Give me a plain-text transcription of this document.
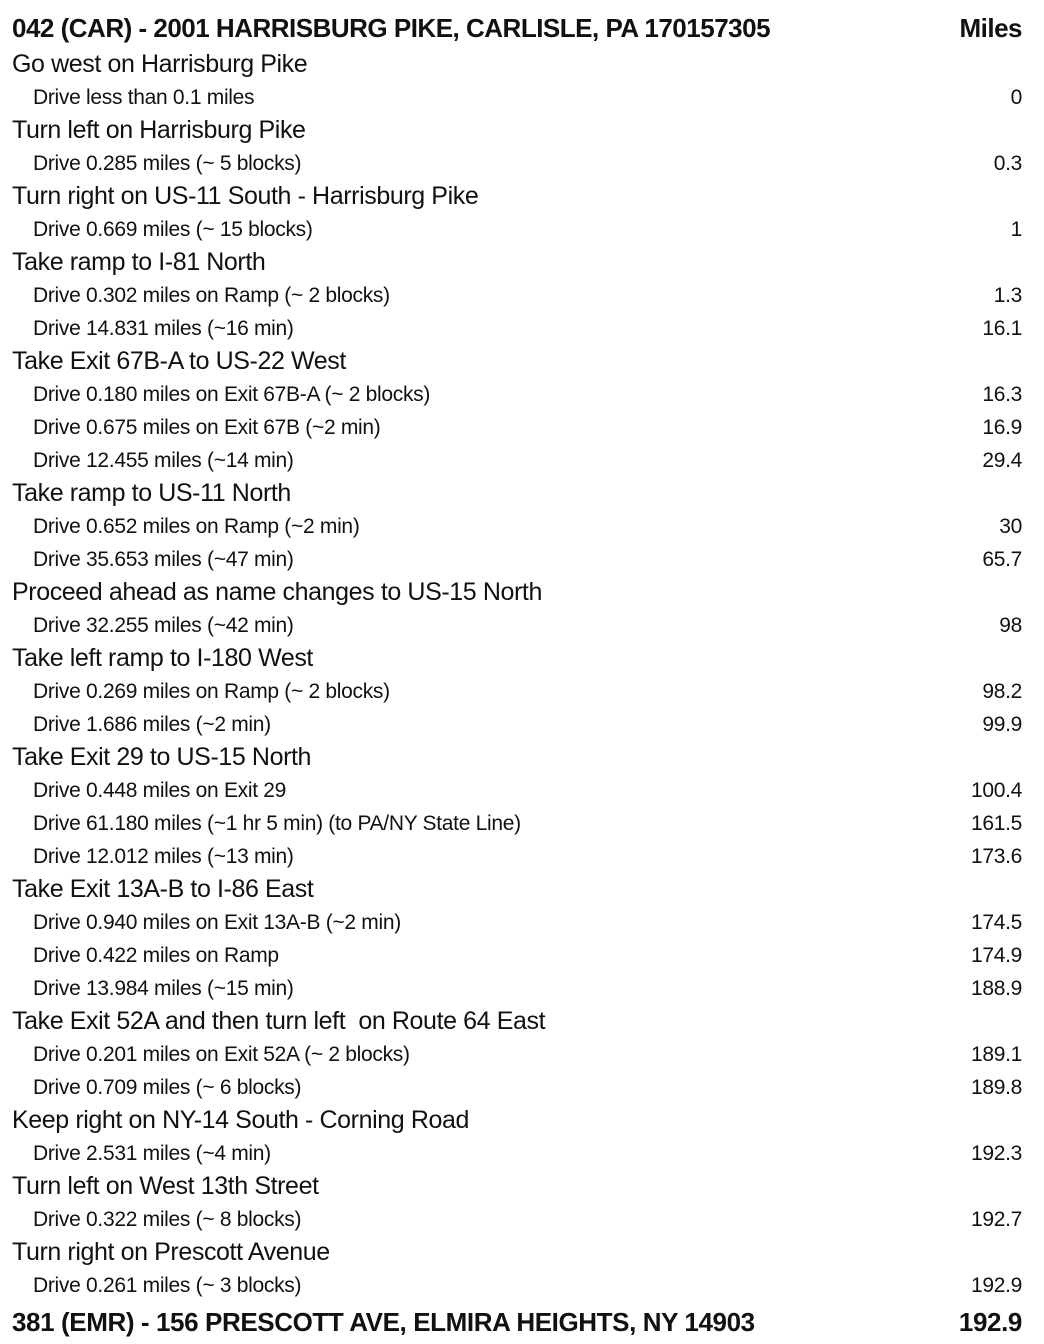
042 (CAR) - 2001 HARRISBURG PIKE, CARLISLE, PA 170157305	Miles
Go west on Harrisburg Pike
Drive less than 0.1 miles	0
Turn left on Harrisburg Pike
Drive 0.285 miles (~ 5 blocks)	0.3
Turn right on US-11 South - Harrisburg Pike
Drive 0.669 miles (~ 15 blocks)	1
Take ramp to I-81 North
Drive 0.302 miles on Ramp (~ 2 blocks)	1.3
Drive 14.831 miles (~16 min)	16.1
Take Exit 67B-A to US-22 West
Drive 0.180 miles on Exit 67B-A (~ 2 blocks)	16.3
Drive 0.675 miles on Exit 67B (~2 min)	16.9
Drive 12.455 miles (~14 min)	29.4
Take ramp to US-11 North
Drive 0.652 miles on Ramp (~2 min)	30
Drive 35.653 miles (~47 min)	65.7
Proceed ahead as name changes to US-15 North
Drive 32.255 miles (~42 min)	98
Take left ramp to I-180 West
Drive 0.269 miles on Ramp (~ 2 blocks)	98.2
Drive 1.686 miles (~2 min)	99.9
Take Exit 29 to US-15 North
Drive 0.448 miles on Exit 29	100.4
Drive 61.180 miles (~1 hr 5 min) (to PA/NY State Line)	161.5
Drive 12.012 miles (~13 min)	173.6
Take Exit 13A-B to I-86 East
Drive 0.940 miles on Exit 13A-B (~2 min)	174.5
Drive 0.422 miles on Ramp	174.9
Drive 13.984 miles (~15 min)	188.9
Take Exit 52A and then turn left  on Route 64 East
Drive 0.201 miles on Exit 52A (~ 2 blocks)	189.1
Drive 0.709 miles (~ 6 blocks)	189.8
Keep right on NY-14 South - Corning Road
Drive 2.531 miles (~4 min)	192.3
Turn left on West 13th Street
Drive 0.322 miles (~ 8 blocks)	192.7
Turn right on Prescott Avenue
Drive 0.261 miles (~ 3 blocks)	192.9
381 (EMR) - 156 PRESCOTT AVE, ELMIRA HEIGHTS, NY 14903	192.9
